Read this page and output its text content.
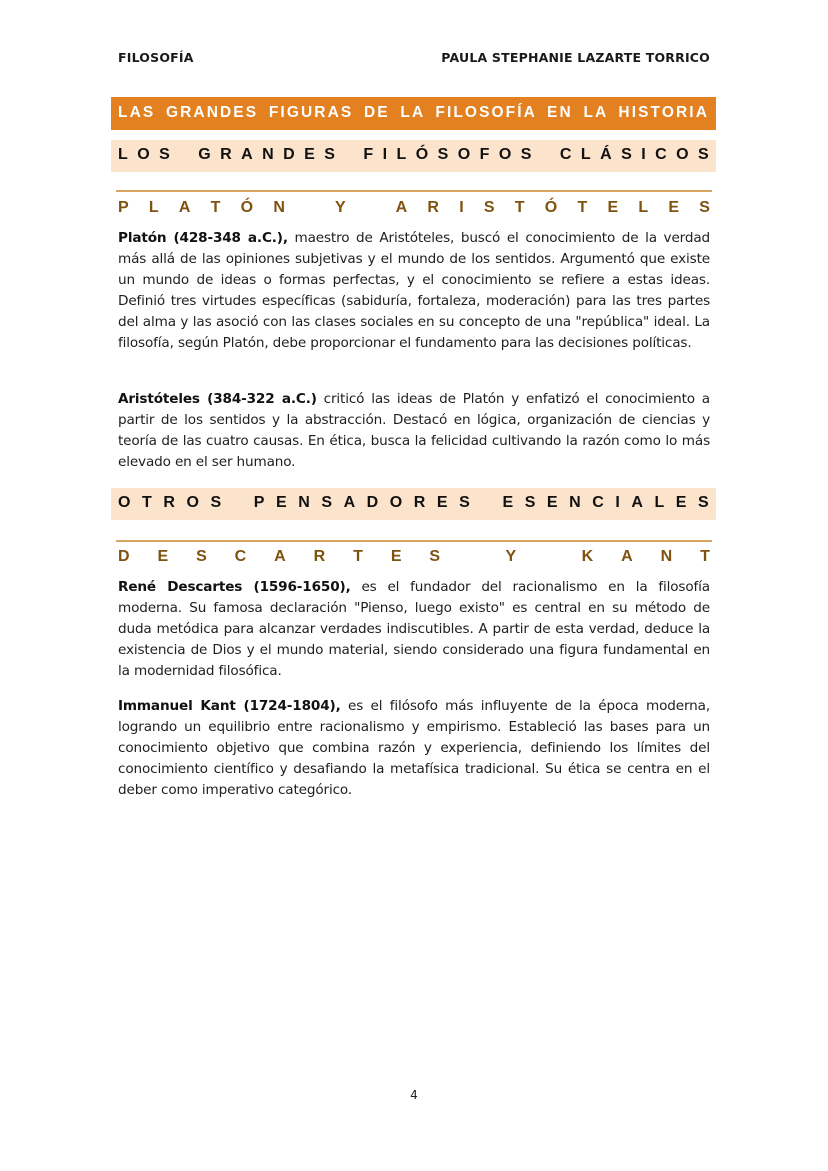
FILOSOFÍA	PAULA STEPHANIE LAZARTE TORRICO
LAS GRANDES FIGURAS DE LA FILOSOFÍA EN LA HISTORIA
L O S
G R A N D E S
F I L Ó S O F O S
C L Á S I C O S
P L A T Ó N
	Y
	A R I S T Ó T E L E S
Platón (428-348 a.C.), maestro de Aristóteles, buscó el conocimiento de la verdad más allá de las opiniones subjetivas y el mundo de los sentidos. Argumentó que existe un mundo de ideas o formas perfectas, y el conocimiento se refiere a estas ideas. Definió tres virtudes específicas (sabiduría, fortaleza, moderación) para las tres partes del alma y las asoció con las clases sociales en su concepto de una "república" ideal. La filosofía, según Platón, debe proporcionar el fundamento para las decisiones políticas.
Aristóteles (384-322 a.C.) criticó las ideas de Platón y enfatizó el conocimiento a partir de los sentidos y la abstracción. Destacó en lógica, organización de ciencias y teoría de las cuatro causas. En ética, busca la felicidad cultivando la razón como lo más elevado en el ser humano.
O T R O S
P E N S A D O R E S
E S E N C I A L E S
D E S C A R T E S
	Y
	K A N T
René Descartes (1596-1650), es el fundador del racionalismo en la filosofía moderna. Su famosa declaración "Pienso, luego existo" es central en su método de duda metódica para alcanzar verdades indiscutibles. A partir de esta verdad, deduce la existencia de Dios y el mundo material, siendo considerado una figura fundamental en la modernidad filosófica.
Immanuel Kant (1724-1804), es el filósofo más influyente de la época moderna, logrando un equilibrio entre racionalismo y empirismo. Estableció las bases para un conocimiento objetivo que combina razón y experiencia, definiendo los límites del conocimiento científico y desafiando la metafísica tradicional. Su ética se centra en el deber como imperativo categórico.
4
